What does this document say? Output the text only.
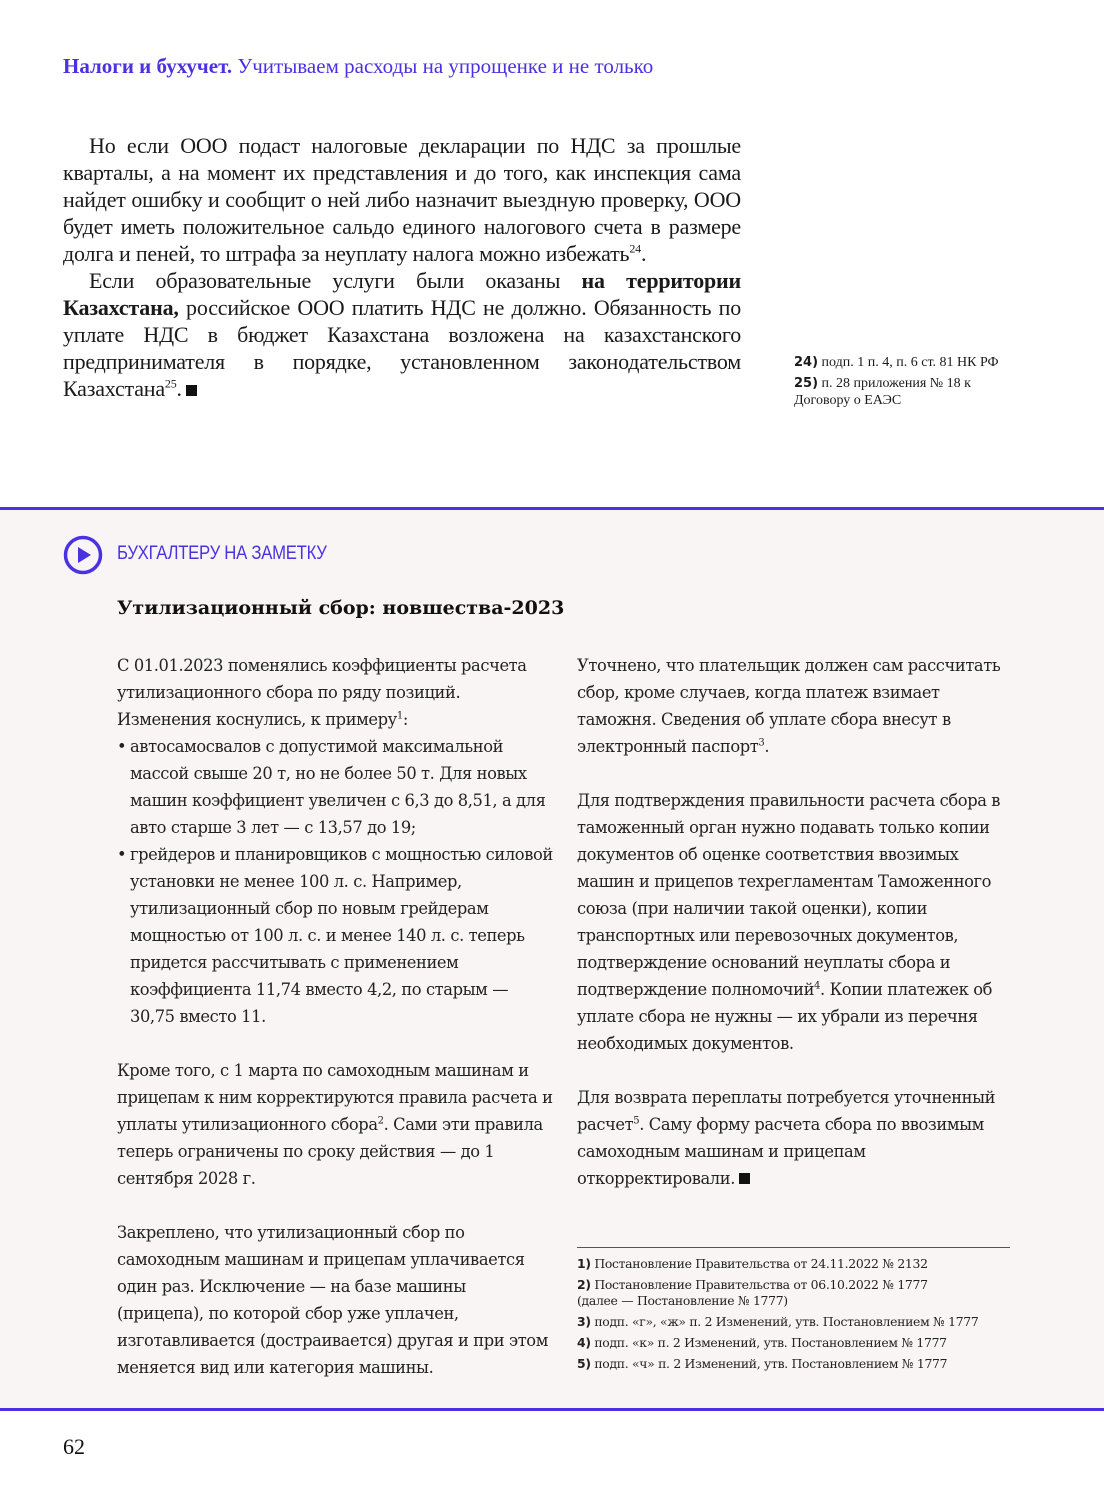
Налоги и бухучет. Учитываем расходы на упрощенке и не только

Но если ООО подаст налоговые декларации по НДС за прошлые кварталы, а на момент их представления и до того, как инспекция сама найдет ошибку и сообщит о ней либо назначит выездную проверку, ООО будет иметь положительное сальдо единого налогового счета в размере долга и пеней, то штрафа за неуплату налога можно избежать$^{24}$.

Если образовательные услуги были оказаны на территории Казахстана, российское ООО платить НДС не должно. Обязанность по уплате НДС в бюджет Казахстана возложена на казахстанского предпринимателя в порядке, установленном законодательством Казахстана$^{25}$.

24) подп. 1 п. 4, п. 6 ст. 81 НК РФ
25) п. 28 приложения № 18 к Договору о ЕАЭС
БУХГАЛТЕРУ НА ЗАМЕТКУ
Утилизационный сбор: новшества-2023

С 01.01.2023 поменялись коэффициенты расчета утилизационного сбора по ряду позиций. Изменения коснулись, к примеру$^1$:

• автосамосвалов с допустимой максимальной массой свыше 20 т, но не более 50 т. Для новых машин коэффициент увеличен с 6,3 до 8,51, а для авто старше 3 лет — с 13,57 до 19;
• грейдеров и планировщиков с мощностью силовой установки не менее 100 л. с. Например, утилизационный сбор по новым грейдерам мощностью от 100 л. с. и менее 140 л. с. теперь придется рассчитывать с применением коэффициента 11,74 вместо 4,2, по старым — 30,75 вместо 11.

Кроме того, с 1 марта по самоходным машинам и прицепам к ним корректируются правила расчета и уплаты утилизационного сбора$^2$. Сами эти правила теперь ограничены по сроку действия — до 1 сентября 2028 г.

Закреплено, что утилизационный сбор по самоходным машинам и прицепам уплачивается один раз. Исключение — на базе машины (прицепа), по которой сбор уже уплачен, изготавливается (достраивается) другая и при этом меняется вид или категория машины.

Уточнено, что плательщик должен сам рассчитать сбор, кроме случаев, когда платеж взимает таможня. Сведения об уплате сбора внесут в электронный паспорт$^3$.

Для подтверждения правильности расчета сбора в таможенный орган нужно подавать только копии документов об оценке соответствия ввозимых машин и прицепов техрегламентам Таможенного союза (при наличии такой оценки), копии транспортных или перевозочных документов, подтверждение оснований неуплаты сбора и подтверждение полномочий$^4$. Копии платежек об уплате сбора не нужны — их убрали из перечня необходимых документов.

Для возврата переплаты потребуется уточненный расчет$^5$. Саму форму расчета сбора по ввозимым самоходным машинам и прицепам откорректировали.

1) Постановление Правительства от 24.11.2022 № 2132
2) Постановление Правительства от 06.10.2022 № 1777 (далее — Постановление № 1777)
3) подп. «г», «ж» п. 2 Изменений, утв. Постановлением № 1777
4) подп. «к» п. 2 Изменений, утв. Постановлением № 1777
5) подп. «ч» п. 2 Изменений, утв. Постановлением № 1777
62
